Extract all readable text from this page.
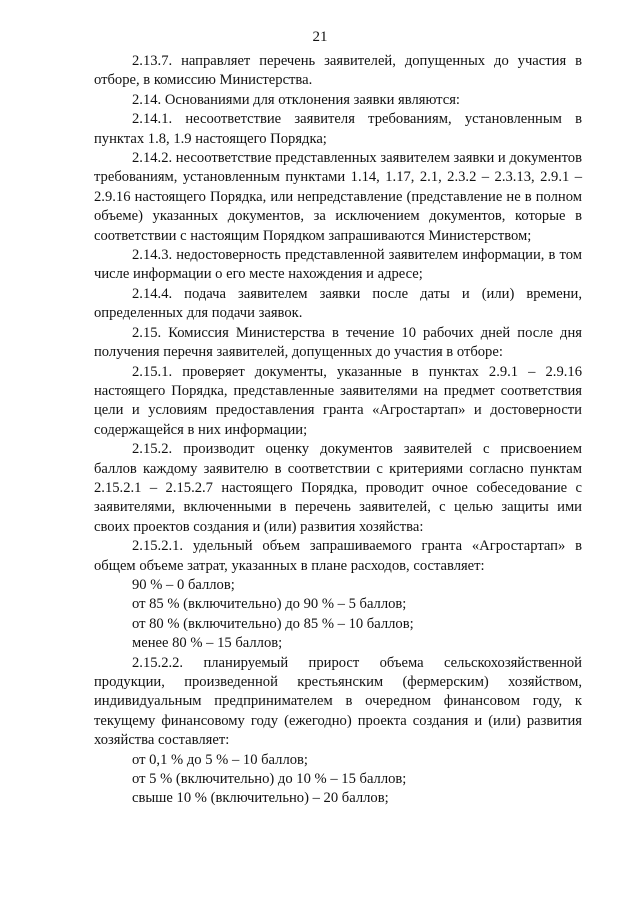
21

2.13.7. направляет перечень заявителей, допущенных до участия в отборе, в комиссию Министерства.

2.14. Основаниями для отклонения заявки являются:

2.14.1. несоответствие заявителя требованиям, установленным в пунктах 1.8, 1.9 настоящего Порядка;

2.14.2. несоответствие представленных заявителем заявки и документов требованиям, установленным пунктами 1.14, 1.17, 2.1, 2.3.2 – 2.3.13, 2.9.1 – 2.9.16 настоящего Порядка, или непредставление (представление не в полном объеме) указанных документов, за исключением документов, которые в соответствии с настоящим Порядком запрашиваются Министерством;

2.14.3. недостоверность представленной заявителем информации, в том числе информации о его месте нахождения и адресе;

2.14.4. подача заявителем заявки после даты и (или) времени, определенных для подачи заявок.

2.15. Комиссия Министерства в течение 10 рабочих дней после дня получения перечня заявителей, допущенных до участия в отборе:

2.15.1. проверяет документы, указанные в пунктах 2.9.1 – 2.9.16 настоящего Порядка, представленные заявителями на предмет соответствия цели и условиям предоставления гранта «Агростартап» и достоверности содержащейся в них информации;

2.15.2. производит оценку документов заявителей с присвоением баллов каждому заявителю в соответствии с критериями согласно пунктам 2.15.2.1 – 2.15.2.7 настоящего Порядка, проводит очное собеседование с заявителями, включенными в перечень заявителей, с целью защиты ими своих проектов создания и (или) развития хозяйства:

2.15.2.1. удельный объем запрашиваемого гранта «Агростартап» в общем объеме затрат, указанных в плане расходов, составляет:

90 % – 0 баллов;

от 85 % (включительно) до 90 % – 5 баллов;

от 80 % (включительно) до 85 % – 10 баллов;

менее 80 % – 15 баллов;

2.15.2.2. планируемый прирост объема сельскохозяйственной продукции, произведенной крестьянским (фермерским) хозяйством, индивидуальным предпринимателем в очередном финансовом году, к текущему финансовому году (ежегодно) проекта создания и (или) развития хозяйства составляет:

от 0,1 % до 5 % – 10 баллов;

от 5 % (включительно) до 10 % – 15 баллов;

свыше 10 % (включительно) – 20 баллов;
